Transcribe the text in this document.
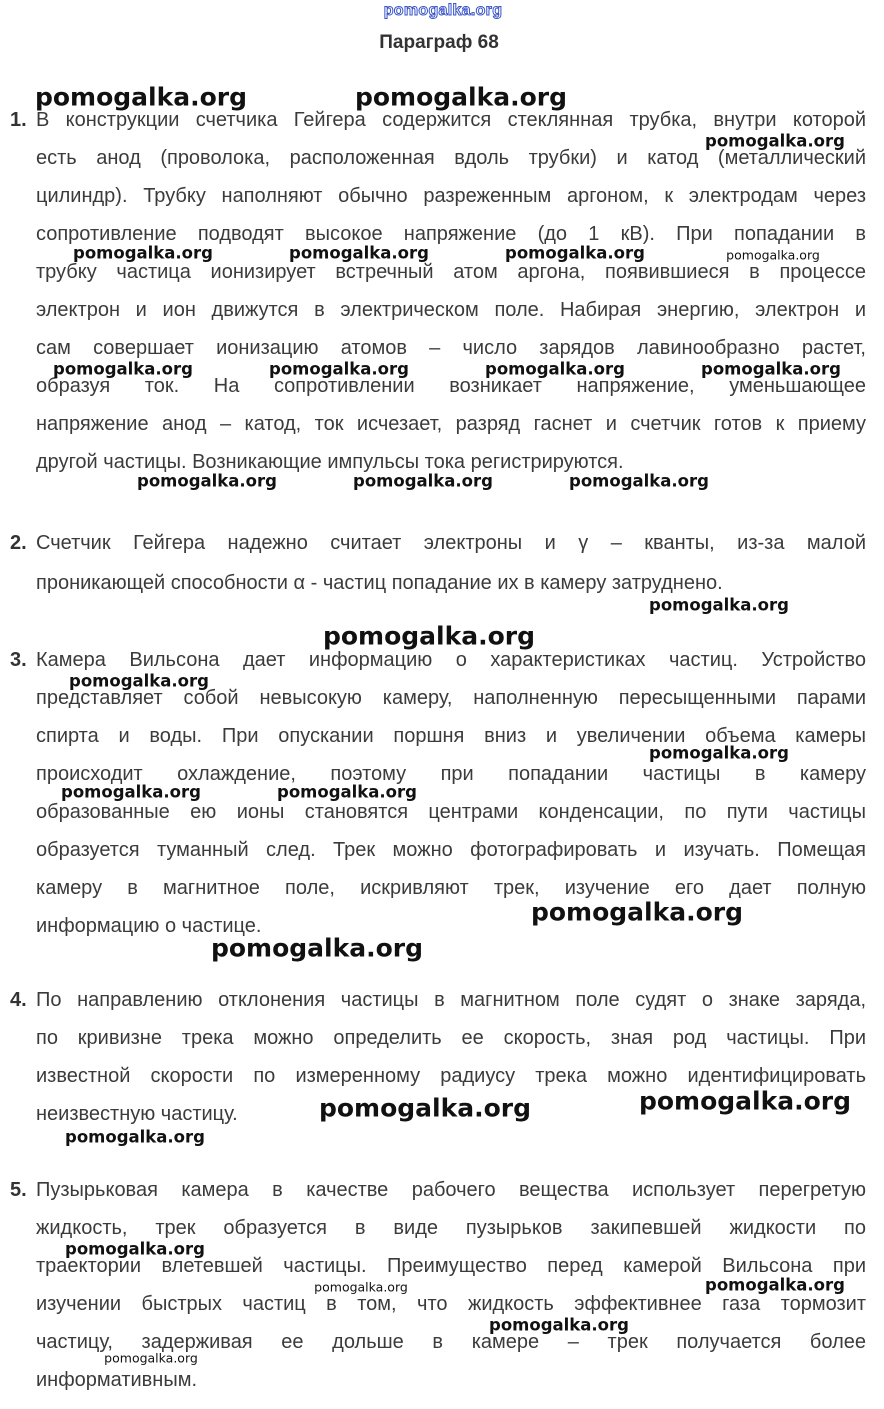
pomogalka.org
Параграф 68
1. В конструкции счетчика Гейгера содержится стеклянная трубка, внутри которой
есть анод (проволока, расположенная вдоль трубки) и катод (металлический
цилиндр). Трубку наполняют обычно разреженным аргоном, к электродам через
сопротивление подводят высокое напряжение (до 1 кВ). При попадании в
трубку частица ионизирует встречный атом аргона, появившиеся в процессе
электрон и ион движутся в электрическом поле. Набирая энергию, электрон и
сам совершает ионизацию атомов – число зарядов лавинообразно растет,
образуя ток. На сопротивлении возникает напряжение, уменьшающее
напряжение анод – катод, ток исчезает, разряд гаснет и счетчик готов к приему
другой частицы. Возникающие импульсы тока регистрируются.
2. Счетчик Гейгера надежно считает электроны и γ – кванты, из-за малой
проникающей способности α - частиц попадание их в камеру затруднено.
3. Камера Вильсона дает информацию о характеристиках частиц. Устройство
представляет собой невысокую камеру, наполненную пересыщенными парами
спирта и воды. При опускании поршня вниз и увеличении объема камеры
происходит охлаждение, поэтому при попадании частицы в камеру
образованные ею ионы становятся центрами конденсации, по пути частицы
образуется туманный след. Трек можно фотографировать и изучать. Помещая
камеру в магнитное поле, искривляют трек, изучение его дает полную
информацию о частице.
4. По направлению отклонения частицы в магнитном поле судят о знаке заряда,
по кривизне трека можно определить ее скорость, зная род частицы. При
известной скорости по измеренному радиусу трека можно идентифицировать
неизвестную частицу.
5. Пузырьковая камера в качестве рабочего вещества использует перегретую
жидкость, трек образуется в виде пузырьков закипевшей жидкости по
траектории влетевшей частицы. Преимущество перед камерой Вильсона при
изучении быстрых частиц в том, что жидкость эффективнее газа тормозит
частицу, задерживая ее дольше в камере – трек получается более
информативным.
pomogalka.org	pomogalka.org
pomogalka.org
pomogalka.org
pomogalka.org
pomogalka.org	pomogalka.org
pomogalka.org
pomogalka.org	pomogalka.org	pomogalka.org
pomogalka.org	pomogalka.org	pomogalka.org	pomogalka.org
pomogalka.org	pomogalka.org	pomogalka.org
pomogalka.org
pomogalka.org
pomogalka.org
pomogalka.org	pomogalka.org
pomogalka.org
pomogalka.org
pomogalka.org
pomogalka.org
pomogalka.org
pomogalka.org
pomogalka.org
